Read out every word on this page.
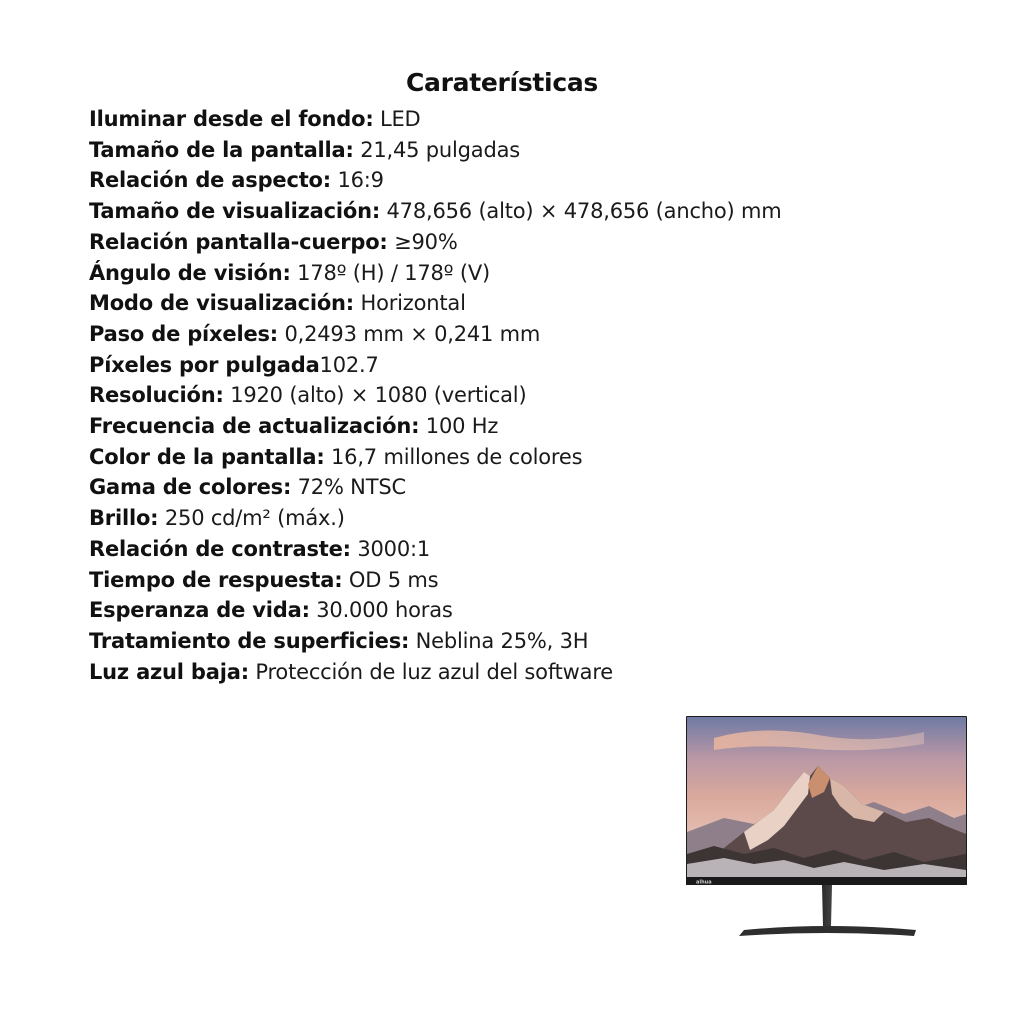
Caraterísticas
Iluminar desde el fondo: LED
Tamaño de la pantalla: 21,45 pulgadas
Relación de aspecto: 16:9
Tamaño de visualización: 478,656 (alto) × 478,656 (ancho) mm
Relación pantalla-cuerpo: ≥90%
Ángulo de visión: 178º (H) / 178º (V)
Modo de visualización: Horizontal
Paso de píxeles: 0,2493 mm × 0,241 mm
Píxeles por pulgada102.7
Resolución: 1920 (alto) × 1080 (vertical)
Frecuencia de actualización: 100 Hz
Color de la pantalla: 16,7 millones de colores
Gama de colores: 72% NTSC
Brillo: 250 cd/m² (máx.)
Relación de contraste: 3000:1
Tiempo de respuesta: OD 5 ms
Esperanza de vida: 30.000 horas
Tratamiento de superficies: Neblina 25%, 3H
Luz azul baja: Protección de luz azul del software
alhua
